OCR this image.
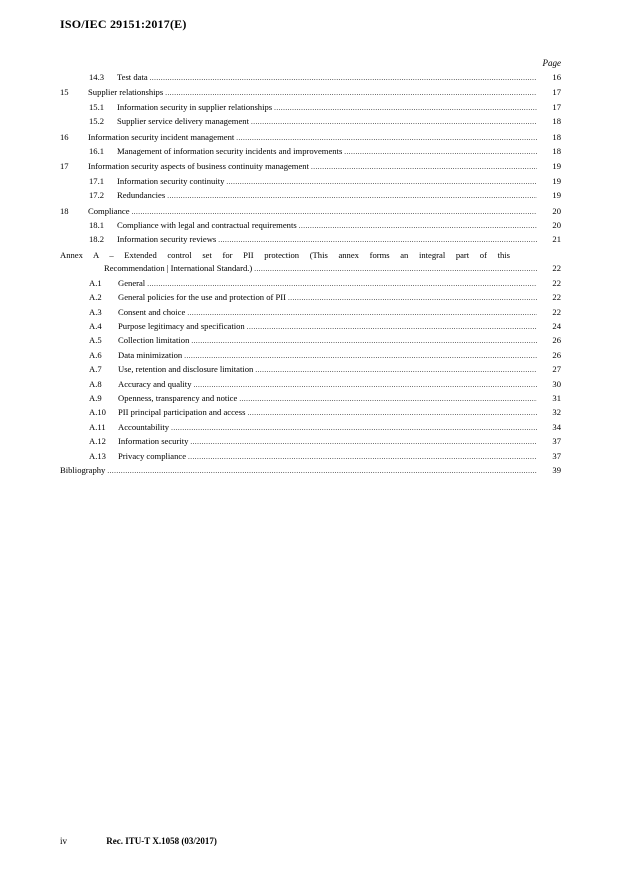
ISO/IEC 29151:2017(E)
Page
14.3	Test data .....	16
15	Supplier relationships .....	17
15.1	Information security in supplier relationships .....	17
15.2	Supplier service delivery management .....	18
16	Information security incident management .....	18
16.1	Management of information security incidents and improvements .....	18
17	Information security aspects of business continuity management .....	19
17.1	Information security continuity .....	19
17.2	Redundancies .....	19
18	Compliance .....	20
18.1	Compliance with legal and contractual requirements .....	20
18.2	Information security reviews .....	21
Annex A – Extended control set for PII protection (This annex forms an integral part of this
Recommendation | International Standard.) .....	22
A.1	General .....	22
A.2	General policies for the use and protection of PII .....	22
A.3	Consent and choice .....	22
A.4	Purpose legitimacy and specification .....	24
A.5	Collection limitation .....	26
A.6	Data minimization .....	26
A.7	Use, retention and disclosure limitation .....	27
A.8	Accuracy and quality .....	30
A.9	Openness, transparency and notice .....	31
A.10	PII principal participation and access .....	32
A.11	Accountability .....	34
A.12	Information security .....	37
A.13	Privacy compliance .....	37
Bibliography .....	39
iv	Rec. ITU-T X.1058 (03/2017)
